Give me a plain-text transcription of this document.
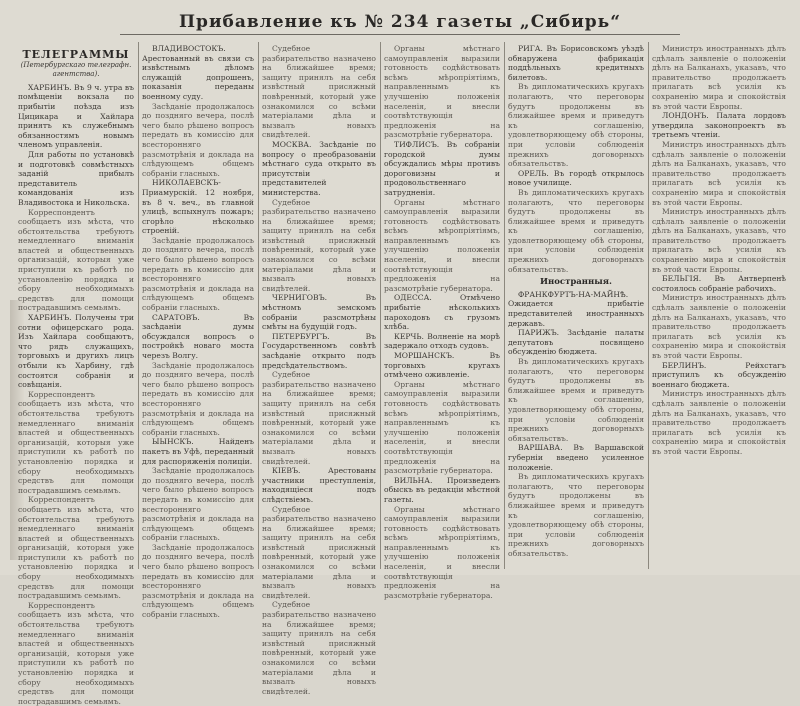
Прибавление къ № 234 газеты „Сибирь“
ТЕЛЕГРАММЫ
(Петербургскаго телеграфн. агентства).

ХАРБИНЪ. Въ 9 ч. утра въ помѣщеніи вокзала по прибытіи поѣзда изъ Цицикара и Хайлара принятъ къ служебнымъ обязанностямъ новымъ членомъ управленія.

Для работы по установкѣ и подготовкѣ совмѣстныхъ заданій прибылъ представитель командованія изъ Владивостока и Никольска.

Корреспондентъ сообщаетъ изъ мѣста, что обстоятельства требуютъ немедленнаго вниманія властей и общественныхъ организацій, которыя уже приступили къ работѣ по установленію порядка и сбору необходимыхъ средствъ для помощи пострадавшимъ семьямъ.

ХАРБИНЪ. Получены три сотни офицерскаго рода. Изъ Хайлара сообщаютъ, что рядъ служащихъ, торговыхъ и другихъ лицъ отбыли къ Харбину, гдѣ состоятся собранія и совѣщанія.

Корреспондентъ сообщаетъ изъ мѣста, что обстоятельства требуютъ немедленнаго вниманія властей и общественныхъ организацій, которыя уже приступили къ работѣ по установленію порядка и сбору необходимыхъ средствъ для помощи пострадавшимъ семьямъ.

Корреспондентъ сообщаетъ изъ мѣста, что обстоятельства требуютъ немедленнаго вниманія властей и общественныхъ организацій, которыя уже приступили къ работѣ по установленію порядка и сбору необходимыхъ средствъ для помощи пострадавшимъ семьямъ.

Корреспондентъ сообщаетъ изъ мѣста, что обстоятельства требуютъ немедленнаго вниманія властей и общественныхъ организацій, которыя уже приступили къ работѣ по установленію порядка и сбору необходимыхъ средствъ для помощи пострадавшимъ семьямъ.

ВЛАДИВОСТОКЪ. Арестованный въ связи съ извѣстнымъ дѣломъ служащій допрошенъ, показанія переданы военному суду.

Засѣданіе продолжалось до поздняго вечера, послѣ чего было рѣшено вопросъ передать въ комиссію для всесторонняго разсмотрѣнія и доклада на слѣдующемъ общемъ собраніи гласныхъ.

НИКОЛАЕВСКЪ-Приамурскій. 12 ноября, въ 8 ч. веч., въ главной улицѣ, вспыхнулъ пожаръ; сгорѣло нѣсколько строеній.

Засѣданіе продолжалось до поздняго вечера, послѣ чего было рѣшено вопросъ передать въ комиссію для всесторонняго разсмотрѣнія и доклада на слѣдующемъ общемъ собраніи гласныхъ.

САРАТОВЪ. Въ засѣданіи думы обсуждался вопросъ о постройкѣ новаго моста черезъ Волгу.

Засѣданіе продолжалось до поздняго вечера, послѣ чего было рѣшено вопросъ передать въ комиссію для всесторонняго разсмотрѣнія и доклада на слѣдующемъ общемъ собраніи гласныхъ.

ЫЫНСКЪ. Найденъ пакетъ въ Уфѣ, переданный для распоряженія полиціи.

Засѣданіе продолжалось до поздняго вечера, послѣ чего было рѣшено вопросъ передать въ комиссію для всесторонняго разсмотрѣнія и доклада на слѣдующемъ общемъ собраніи гласныхъ.

Засѣданіе продолжалось до поздняго вечера, послѣ чего было рѣшено вопросъ передать въ комиссію для всесторонняго разсмотрѣнія и доклада на слѣдующемъ общемъ собраніи гласныхъ.

Судебное разбирательство назначено на ближайшее время; защиту принялъ на себя извѣстный присяжный повѣренный, который уже ознакомился со всѣми матеріалами дѣла и вызвалъ новыхъ свидѣтелей.

МОСКВА. Засѣданіе по вопросу о преобразованіи мѣстнаго суда открыто въ присутствіи представителей министерства.

Судебное разбирательство назначено на ближайшее время; защиту принялъ на себя извѣстный присяжный повѣренный, который уже ознакомился со всѣми матеріалами дѣла и вызвалъ новыхъ свидѣтелей.

ЧЕРНИГОВЪ. Въ мѣстномъ земскомъ собраніи разсмотрѣны смѣты на будущій годъ.

ПЕТЕРБУРГЪ. Въ Государственномъ совѣтѣ засѣданіе открыто подъ предсѣдательствомъ.

Судебное разбирательство назначено на ближайшее время; защиту принялъ на себя извѣстный присяжный повѣренный, который уже ознакомился со всѣми матеріалами дѣла и вызвалъ новыхъ свидѣтелей.

КІЕВЪ. Арестованы участники преступленія, находящіеся подъ слѣдствіемъ.

Судебное разбирательство назначено на ближайшее время; защиту принялъ на себя извѣстный присяжный повѣренный, который уже ознакомился со всѣми матеріалами дѣла и вызвалъ новыхъ свидѣтелей.

Судебное разбирательство назначено на ближайшее время; защиту принялъ на себя извѣстный присяжный повѣренный, который уже ознакомился со всѣми матеріалами дѣла и вызвалъ новыхъ свидѣтелей.

Органы мѣстнаго самоуправленія выразили готовность содѣйствовать всѣмъ мѣропріятіямъ, направленнымъ къ улучшенію положенія населенія, и внесли соотвѣтствующія предложенія на разсмотрѣніе губернатора.

ТИФЛИСЪ. Въ собраніи городской думы обсуждались мѣры противъ дороговизны и продовольственнаго затрудненія.

Органы мѣстнаго самоуправленія выразили готовность содѣйствовать всѣмъ мѣропріятіямъ, направленнымъ къ улучшенію положенія населенія, и внесли соотвѣтствующія предложенія на разсмотрѣніе губернатора.

ОДЕССА. Отмѣчено прибытіе нѣсколькихъ пароходовъ съ грузомъ хлѣба.

КЕРЧЬ. Волненіе на морѣ задержало отходъ судовъ.

МОРШАНСКЪ. Въ торговыхъ кругахъ отмѣчено оживленіе.

Органы мѣстнаго самоуправленія выразили готовность содѣйствовать всѣмъ мѣропріятіямъ, направленнымъ къ улучшенію положенія населенія, и внесли соотвѣтствующія предложенія на разсмотрѣніе губернатора.

ВИЛЬНА. Произведенъ обыскъ въ редакціи мѣстной газеты.

Органы мѣстнаго самоуправленія выразили готовность содѣйствовать всѣмъ мѣропріятіямъ, направленнымъ къ улучшенію положенія населенія, и внесли соотвѣтствующія предложенія на разсмотрѣніе губернатора.

РИГА. Въ Борисовскомъ уѣздѣ обнаружена фабрикація поддѣльныхъ кредитныхъ билетовъ.

Въ дипломатическихъ кругахъ полагаютъ, что переговоры будутъ продолжены въ ближайшее время и приведутъ къ соглашенію, удовлетворяющему обѣ стороны, при условіи соблюденія прежнихъ договорныхъ обязательствъ.

ОРЕЛЬ. Въ городѣ открылось новое училище.

Въ дипломатическихъ кругахъ полагаютъ, что переговоры будутъ продолжены въ ближайшее время и приведутъ къ соглашенію, удовлетворяющему обѣ стороны, при условіи соблюденія прежнихъ договорныхъ обязательствъ.

Иностранныя.

ФРАНКФУРТЪ-НА-МАЙНѢ. Ожидается прибытіе представителей иностранныхъ державъ.

ПАРИЖЪ. Засѣданіе палаты депутатовъ посвящено обсужденію бюджета.

Въ дипломатическихъ кругахъ полагаютъ, что переговоры будутъ продолжены въ ближайшее время и приведутъ къ соглашенію, удовлетворяющему обѣ стороны, при условіи соблюденія прежнихъ договорныхъ обязательствъ.

ВАРШАВА. Въ Варшавской губерніи введено усиленное положеніе.

Въ дипломатическихъ кругахъ полагаютъ, что переговоры будутъ продолжены въ ближайшее время и приведутъ къ соглашенію, удовлетворяющему обѣ стороны, при условіи соблюденія прежнихъ договорныхъ обязательствъ.

Министръ иностранныхъ дѣлъ сдѣлалъ заявленіе о положеніи дѣлъ на Балканахъ, указавъ, что правительство продолжаетъ прилагать всѣ усилія къ сохраненію мира и спокойствія въ этой части Европы.

ЛОНДОНЪ. Палата лордовъ утвердила законопроектъ въ третьемъ чтеніи.

Министръ иностранныхъ дѣлъ сдѣлалъ заявленіе о положеніи дѣлъ на Балканахъ, указавъ, что правительство продолжаетъ прилагать всѣ усилія къ сохраненію мира и спокойствія въ этой части Европы.

Министръ иностранныхъ дѣлъ сдѣлалъ заявленіе о положеніи дѣлъ на Балканахъ, указавъ, что правительство продолжаетъ прилагать всѣ усилія къ сохраненію мира и спокойствія въ этой части Европы.

БЕЛЬГІЯ. Въ Антверпенѣ состоялось собраніе рабочихъ.

Министръ иностранныхъ дѣлъ сдѣлалъ заявленіе о положеніи дѣлъ на Балканахъ, указавъ, что правительство продолжаетъ прилагать всѣ усилія къ сохраненію мира и спокойствія въ этой части Европы.

БЕРЛИНЪ. Рейхстагъ приступилъ къ обсужденію военнаго бюджета.

Министръ иностранныхъ дѣлъ сдѣлалъ заявленіе о положеніи дѣлъ на Балканахъ, указавъ, что правительство продолжаетъ прилагать всѣ усилія къ сохраненію мира и спокойствія въ этой части Европы.
